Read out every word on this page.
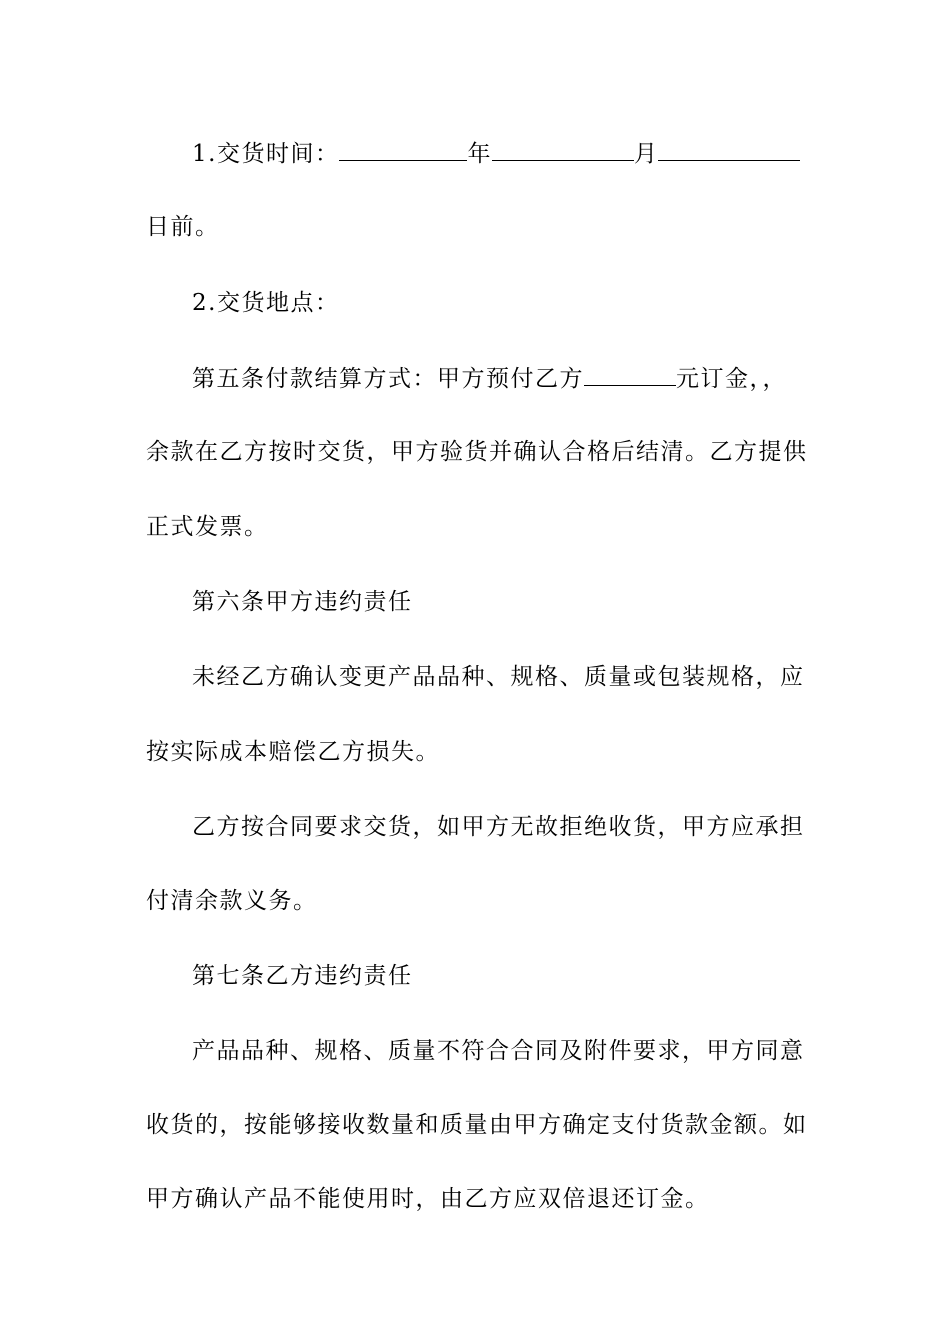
1.交货时间：	年	月
日前。
2.交货地点：
第五条付款结算方式：甲方预付乙方	元订金，，
余款在乙方按时交货，甲方验货并确认合格后结清。乙方提供
正式发票。
第六条甲方违约责任
未经乙方确认变更产品品种、规格、质量或包装规格，应
按实际成本赔偿乙方损失。
乙方按合同要求交货，如甲方无故拒绝收货，甲方应承担
付清余款义务。
第七条乙方违约责任
产品品种、规格、质量不符合合同及附件要求，甲方同意
收货的，按能够接收数量和质量由甲方确定支付货款金额。如
甲方确认产品不能使用时，由乙方应双倍退还订金。
